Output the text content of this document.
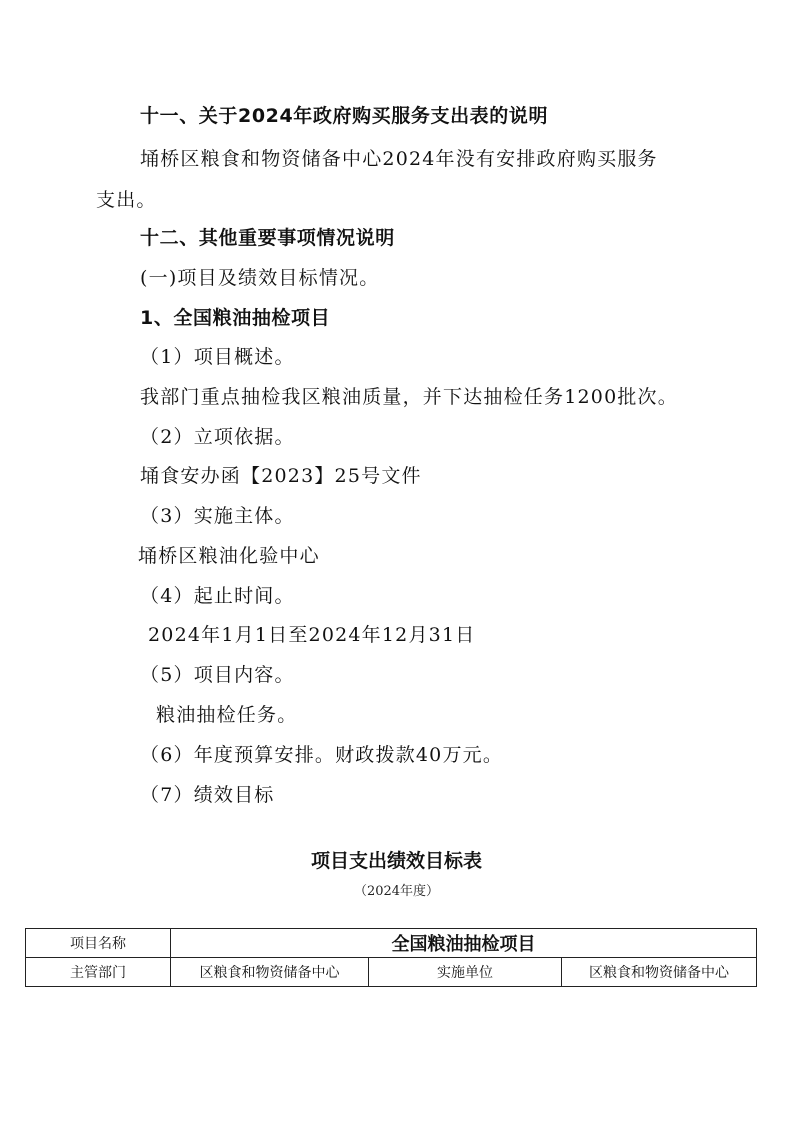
十一、关于2024年政府购买服务支出表的说明
埇桥区粮食和物资储备中心2024年没有安排政府购买服务
支出。
十二、其他重要事项情况说明
(一)项目及绩效目标情况。
1、全国粮油抽检项目
（1）项目概述。
我部门重点抽检我区粮油质量，并下达抽检任务1200批次。
（2）立项依据。
埇食安办函【2023】25号文件
（3）实施主体。
埇桥区粮油化验中心
（4）起止时间。
2024年1月1日至2024年12月31日
（5）项目内容。
粮油抽检任务。
（6）年度预算安排。财政拨款40万元。
（7）绩效目标
项目支出绩效目标表
（2024年度）
项目名称	全国粮油抽检项目		
主管部门	区粮食和物资储备中心	实施单位	区粮食和物资储备中心
